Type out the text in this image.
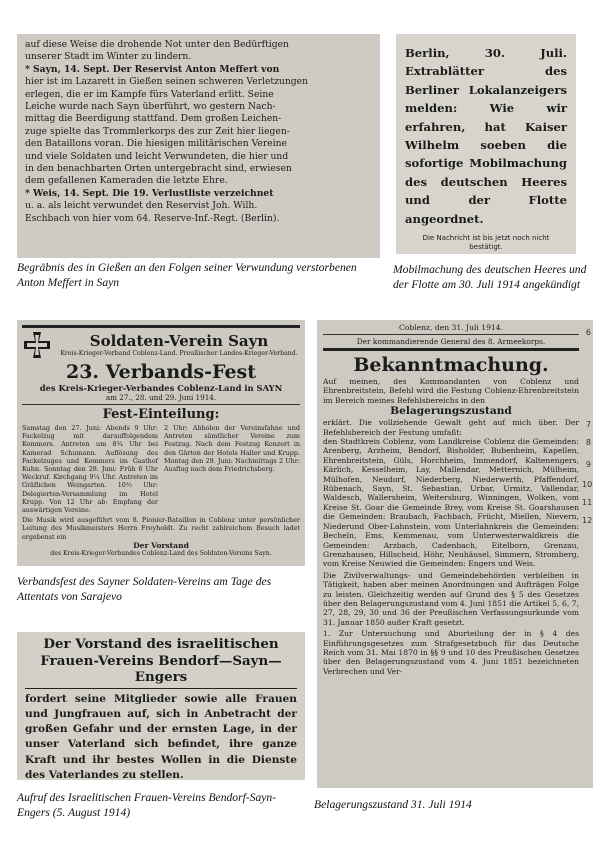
auf diese Weise die drohende Not unter den Bedürftigen
unserer Stadt im Winter zu lindern.
* Sayn, 14. Sept. Der Reservist Anton Meffert von
hier ist im Lazarett in Gießen seinen schweren Verletzungen
erlegen, die er im Kampfe fürs Vaterland erlitt. Seine
Leiche wurde nach Sayn überführt, wo gestern Nach-
mittag die Beerdigung stattfand. Dem großen Leichen-
zuge spielte das Trommlerkorps des zur Zeit hier liegen-
den Bataillons voran. Die hiesigen militärischen Vereine
und viele Soldaten und leicht Verwundeten, die hier und
in den benachbarten Orten untergebracht sind, erwiesen
dem gefallenen Kameraden die letzte Ehre.
* Weis, 14. Sept. Die 19. Verlustliste verzeichnet
u. a. als leicht verwundet den Reservist Joh. Wilh.
Eschbach von hier vom 64. Reserve-Inf.-Regt. (Berlin).
Begräbnis des in Gießen an den Folgen seiner Verwundung verstorbenen Anton Meffert in Sayn
Berlin, 30. Juli. Extrablätter des Berliner Lokalanzeigers melden: Wie wir erfahren, hat Kaiser Wilhelm soeben die sofortige Mobilmachung des deutschen Heeres und der Flotte angeordnet.
Die Nachricht ist bis jetzt noch nicht bestätigt.
Mobilmachung des deutschen Heeres und der Flotte am 30. Juli 1914 angekündigt
Soldaten-Verein Sayn
Kreis-Krieger-Verband Coblenz-Land. Preußischer Landes-Krieger-Verband.
23. Verbands-Fest
des Kreis-Krieger-Verbandes Coblenz-Land in SAYN
am 27., 28. und 29. Juni 1914.
Fest-Einteilung:
Samstag den 27. Juni: Abends 9 Uhr: Fackelzug mit darauffolgendem Kommers. Antreten um 8¾ Uhr bei Kamerad Schumann. Auflösung des Fackelzuges und Kommers im Gasthof Kuhn. Sonntag den 28. Juni: Früh 6 Uhr Weckruf. Kirchgang 9¼ Uhr. Antreten im Gräflichen Weingarten. 10½ Uhr: Delegierten-Versammlung im Hotel Krupp. Von 12 Uhr ab: Empfang der auswärtigen Vereine.
2 Uhr: Abholen der Vereinsfahne und Antreten sämtlicher Vereine zum Festzug. Nach dem Festzug Konzert in den Gärten der Hotels Haller und Krupp. Montag den 29. Juni: Nachmittags 2 Uhr: Ausflug nach dem Friedrichsberg.
Die Musik wird ausgeführt vom 8. Pionier-Bataillon in Coblenz unter persönlicher Leitung des Musikmeisters Herrn Freyholdt. Zu recht zahlreichem Besuch ladet ergebenst ein
Der Vorstand
des Kreis-Krieger-Verbandes Coblenz-Land des Soldaten-Vereins Sayn.
Verbandsfest des Sayner Soldaten-Vereins am Tage des Attentats von Sarajevo
Der Vorstand des israelitischen Frauen-Vereins Bendorf—Sayn—Engers
fordert seine Mitglieder sowie alle Frauen und Jungfrauen auf, sich in Anbetracht der großen Gefahr und der ernsten Lage, in der unser Vaterland sich befindet, ihre ganze Kraft und ihr bestes Wollen in die Dienste des Vaterlandes zu stellen.
Aufruf des Israelitischen Frauen-Vereins Bendorf-Sayn-Engers (5. August 1914)
Coblenz, den 31. Juli 1914.
Der kommandierende General des 8. Armeekorps.
Bekanntmachung.
Auf meinen, des Kommandanten von Coblenz und Ehrenbreitstein, Befehl wird die Festung Coblenz-Ehrenbreitstein im Bereich meines Befehlsbereichs in den
Belagerungszustand
erklärt. Die vollziehende Gewalt geht auf mich über. Der Befehlsbereich der Festung umfaßt:
den Stadtkreis Coblenz, vom Landkreise Coblenz die Gemeinden: Arenberg, Arzheim, Bendorf, Bisholder, Bubenheim, Kapellen, Ehrenbreitstein, Güls, Horchheim, Immendorf, Kaltenengers, Kärlich, Kesselheim, Lay, Mallendar, Metternich, Mülheim, Mülhofen, Neudorf, Niederberg, Niederwerth, Pfaffendorf, Rübenach, Sayn, St. Sebastian, Urbar, Urmitz, Vallendar, Waldesch, Wallersheim, Weitersburg, Winningen, Wolken, vom Kreise St. Goar die Gemeinde Brey, vom Kreise St. Goarshausen die Gemeinden: Braubach, Fachbach, Frücht, Miellen, Nievern, Niederund Ober-Lahnstein, vom Unterlahnkreis die Gemeinden: Becheln, Ems, Kemmenau, vom Unterwesterwaldkreis die Gemeinden: Arzbach, Cadenbach, Eitelborn, Grenzau, Grenzhausen, Hillscheid, Höhr, Neuhäusel, Simmern, Stromberg, vom Kreise Neuwied die Gemeinden: Engers und Weis.
Die Zivilverwaltungs- und Gemeindebehörden verbleiben in Tätigkeit, haben aber meinen Anordnungen und Aufträgen Folge zu leisten. Gleichzeitig werden auf Grund des § 5 des Gesetzes über den Belagerungszustand vom 4. Juni 1851 die Artikel 5, 6, 7, 27, 28, 29, 30 und 36 der Preußischen Verfassungsurkunde vom 31. Januar 1850 außer Kraft gesetzt.
1. Zur Untersuchung und Aburteilung der in § 4 des Einführungsgesetzes zum Strafgesetzbuch für das Deutsche Reich vom 31. Mai 1870 in §§ 9 und 10 des Preußischen Gesetzes über den Belagerungszustand vom 4. Juni 1851 bezeichneten Verbrechen und Ver-
6
7
8
9
10
11
12
Belagerungszustand 31. Juli 1914
